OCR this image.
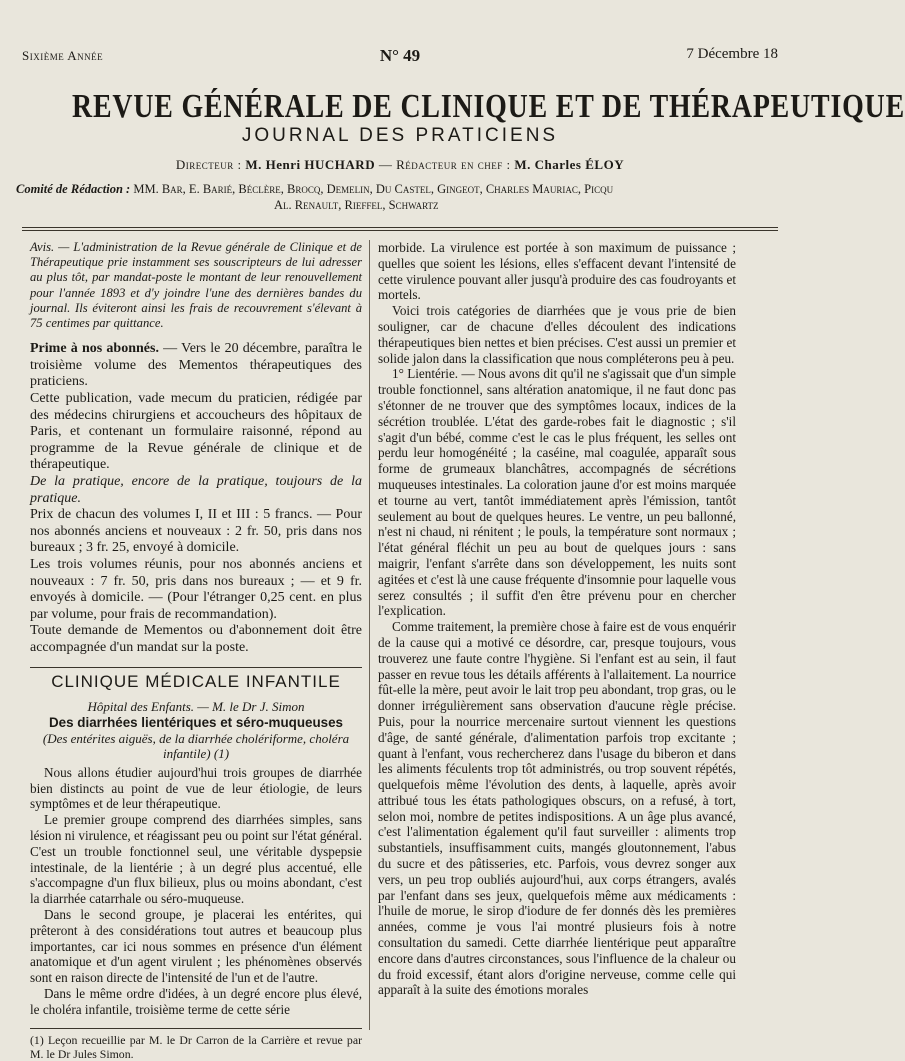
Sixième Année	N° 49	7 Décembre 18
REVUE GÉNÉRALE DE CLINIQUE ET DE THÉRAPEUTIQUE
JOURNAL DES PRATICIENS
Directeur : M. Henri HUCHARD — Rédacteur en chef : M. Charles ÉLOY
Comité de Rédaction : MM. Bar, E. Barié, Béclère, Brocq, Demelin, Du Castel, Gingeot, Charles Mauriac, Picqu
Al. Renault, Rieffel, Schwartz

Avis. — L'administration de la Revue générale de Clinique et de Thérapeutique prie instamment ses souscripteurs de lui adresser au plus tôt, par mandat-poste le montant de leur renouvellement pour l'année 1893 et d'y joindre l'une des dernières bandes du journal. Ils éviteront ainsi les frais de recouvrement s'élevant à 75 centimes par quittance.

Prime à nos abonnés. — Vers le 20 décembre, paraîtra le troisième volume des Mementos thérapeutiques des praticiens.

Cette publication, vade mecum du praticien, rédigée par des médecins chirurgiens et accoucheurs des hôpitaux de Paris, et contenant un formulaire raisonné, répond au programme de la Revue générale de clinique et de thérapeutique.

De la pratique, encore de la pratique, toujours de la pratique.

Prix de chacun des volumes I, II et III : 5 francs. — Pour nos abonnés anciens et nouveaux : 2 fr. 50, pris dans nos bureaux ; 3 fr. 25, envoyé à domicile.

Les trois volumes réunis, pour nos abonnés anciens et nouveaux : 7 fr. 50, pris dans nos bureaux ; — et 9 fr. envoyés à domicile. — (Pour l'étranger 0,25 cent. en plus par volume, pour frais de recommandation).

Toute demande de Mementos ou d'abonnement doit être accompagnée d'un mandat sur la poste.

CLINIQUE MÉDICALE INFANTILE
Hôpital des Enfants. — M. le Dr J. Simon
Des diarrhées lientériques et séro-muqueuses
(Des entérites aiguës, de la diarrhée cholériforme, choléra infantile) (1)

Nous allons étudier aujourd'hui trois groupes de diarrhée bien distincts au point de vue de leur étiologie, de leurs symptômes et de leur thérapeutique.

Le premier groupe comprend des diarrhées simples, sans lésion ni virulence, et réagissant peu ou point sur l'état général. C'est un trouble fonctionnel seul, une véritable dyspepsie intestinale, de la lientérie ; à un degré plus accentué, elle s'accompagne d'un flux bilieux, plus ou moins abondant, c'est la diarrhée catarrhale ou séro-muqueuse.

Dans le second groupe, je placerai les entérites, qui prêteront à des considérations tout autres et beaucoup plus importantes, car ici nous sommes en présence d'un élément anatomique et d'un agent virulent ; les phénomènes observés sont en raison directe de l'intensité de l'un et de l'autre.

Dans le même ordre d'idées, à un degré encore plus élevé, le choléra infantile, troisième terme de cette série

(1) Leçon recueillie par M. le Dr Carron de la Carrière et revue par M. le Dr Jules Simon.

morbide. La virulence est portée à son maximum de puissance ; quelles que soient les lésions, elles s'effacent devant l'intensité de cette virulence pouvant aller jusqu'à produire des cas foudroyants et mortels.

Voici trois catégories de diarrhées que je vous prie de bien souligner, car de chacune d'elles découlent des indications thérapeutiques bien nettes et bien précises. C'est aussi un premier et solide jalon dans la classification que nous compléterons peu à peu.

1° Lientérie. — Nous avons dit qu'il ne s'agissait que d'un simple trouble fonctionnel, sans altération anatomique, il ne faut donc pas s'étonner de ne trouver que des symptômes locaux, indices de la sécrétion troublée. L'état des garde-robes fait le diagnostic ; s'il s'agit d'un bébé, comme c'est le cas le plus fréquent, les selles ont perdu leur homogénéité ; la caséine, mal coagulée, apparaît sous forme de grumeaux blanchâtres, accompagnés de sécrétions muqueuses intestinales. La coloration jaune d'or est moins marquée et tourne au vert, tantôt immédiatement après l'émission, tantôt seulement au bout de quelques heures. Le ventre, un peu ballonné, n'est ni chaud, ni rénitent ; le pouls, la température sont normaux ; l'état général fléchit un peu au bout de quelques jours : sans maigrir, l'enfant s'arrête dans son développement, les nuits sont agitées et c'est là une cause fréquente d'insomnie pour laquelle vous serez consultés ; il suffit d'en être prévenu pour en chercher l'explication.

Comme traitement, la première chose à faire est de vous enquérir de la cause qui a motivé ce désordre, car, presque toujours, vous trouverez une faute contre l'hygiène. Si l'enfant est au sein, il faut passer en revue tous les détails afférents à l'allaitement. La nourrice fût-elle la mère, peut avoir le lait trop peu abondant, trop gras, ou le donner irrégulièrement sans observation d'aucune règle précise. Puis, pour la nourrice mercenaire surtout viennent les questions d'âge, de santé générale, d'alimentation parfois trop excitante ; quant à l'enfant, vous rechercherez dans l'usage du biberon et dans les aliments féculents trop tôt administrés, ou trop souvent répétés, quelquefois même l'évolution des dents, à laquelle, après avoir attribué tous les états pathologiques obscurs, on a refusé, à tort, selon moi, nombre de petites indispositions. A un âge plus avancé, c'est l'alimentation également qu'il faut surveiller : aliments trop substantiels, insuffisamment cuits, mangés gloutonnement, l'abus du sucre et des pâtisseries, etc. Parfois, vous devrez songer aux vers, un peu trop oubliés aujourd'hui, aux corps étrangers, avalés par l'enfant dans ses jeux, quelquefois même aux médicaments : l'huile de morue, le sirop d'iodure de fer donnés dès les premières années, comme je vous l'ai montré plusieurs fois à notre consultation du samedi. Cette diarrhée lientérique peut apparaître encore dans d'autres circonstances, sous l'influence de la chaleur ou du froid excessif, étant alors d'origine nerveuse, comme celle qui apparaît à la suite des émotions morales
